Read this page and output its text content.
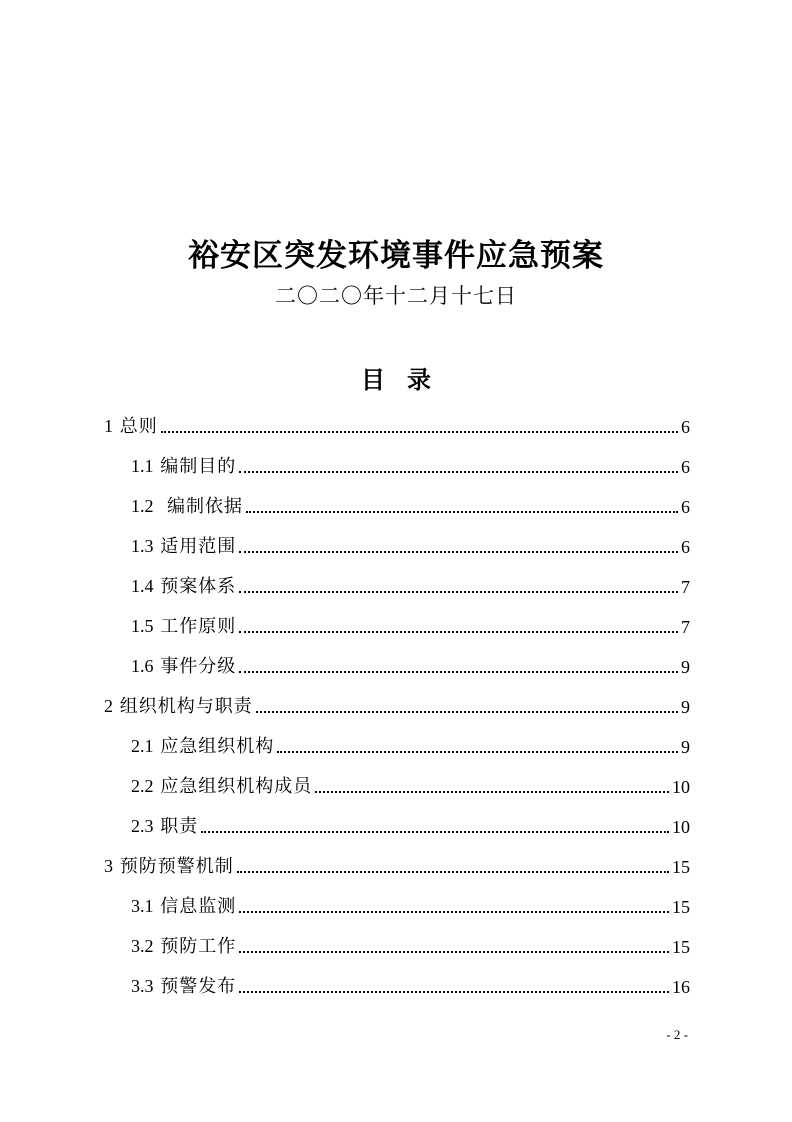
裕安区突发环境事件应急预案

二〇二〇年十二月十七日

目录
1 总则	6
1.1 编制目的	6
1.2  编制依据	6
1.3 适用范围	6
1.4 预案体系	7
1.5 工作原则	7
1.6 事件分级	9
2 组织机构与职责	9
2.1 应急组织机构	9
2.2 应急组织机构成员	10
2.3 职责	10
3 预防预警机制	15
3.1 信息监测	15
3.2 预防工作	15
3.3 预警发布	16
- 2 -
